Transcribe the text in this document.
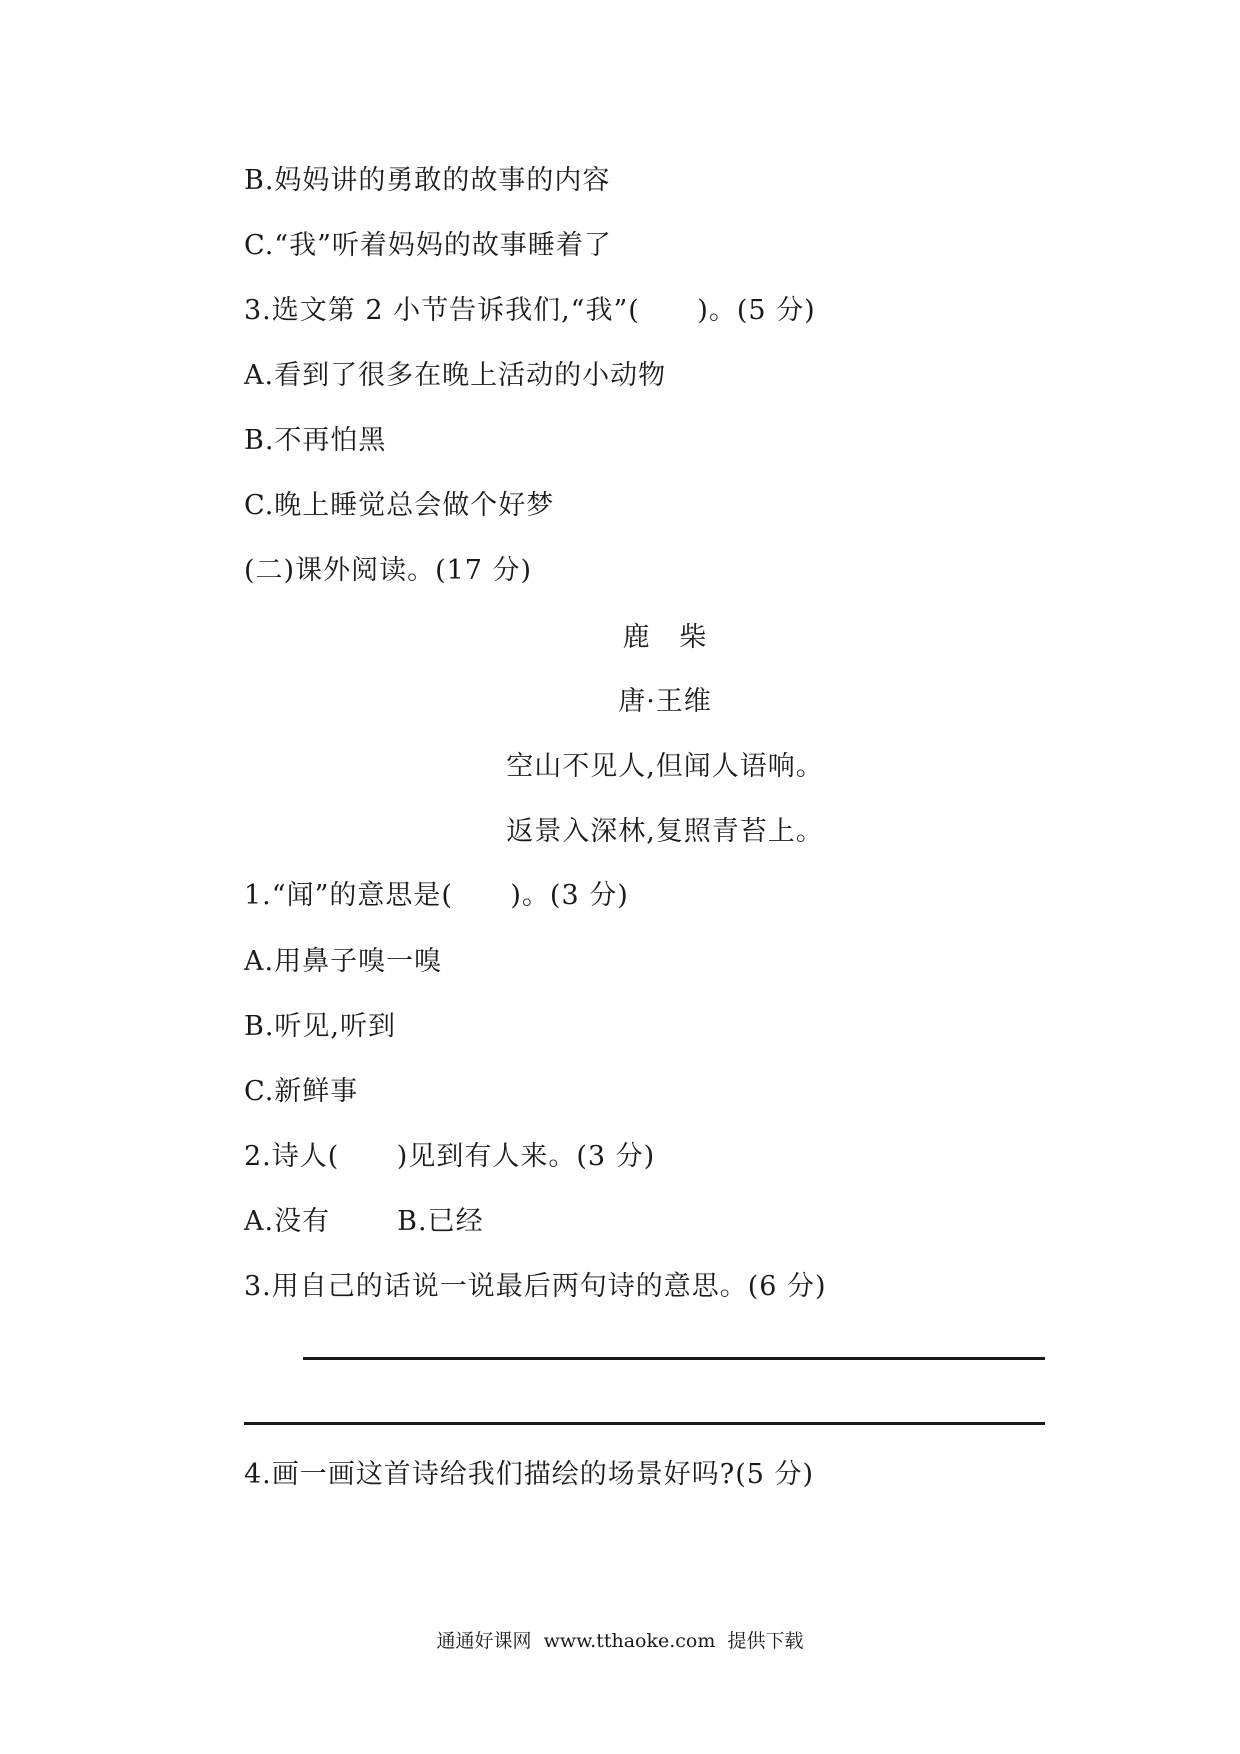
B.妈妈讲的勇敢的故事的内容
C.“我”听着妈妈的故事睡着了
3.选文第 2 小节告诉我们,“我”(      )。(5 分)
A.看到了很多在晚上活动的小动物
B.不再怕黑
C.晚上睡觉总会做个好梦
(二)课外阅读。(17 分)
鹿   柴
唐·王维
空山不见人,但闻人语响。
返景入深林,复照青苔上。
1.“闻”的意思是(      )。(3 分)
A.用鼻子嗅一嗅
B.听见,听到
C.新鲜事
2.诗人(      )见到有人来。(3 分)
A.没有       B.已经
3.用自己的话说一说最后两句诗的意思。(6 分)
4.画一画这首诗给我们描绘的场景好吗?(5 分)
通通好课网  www.tthaoke.com  提供下载
